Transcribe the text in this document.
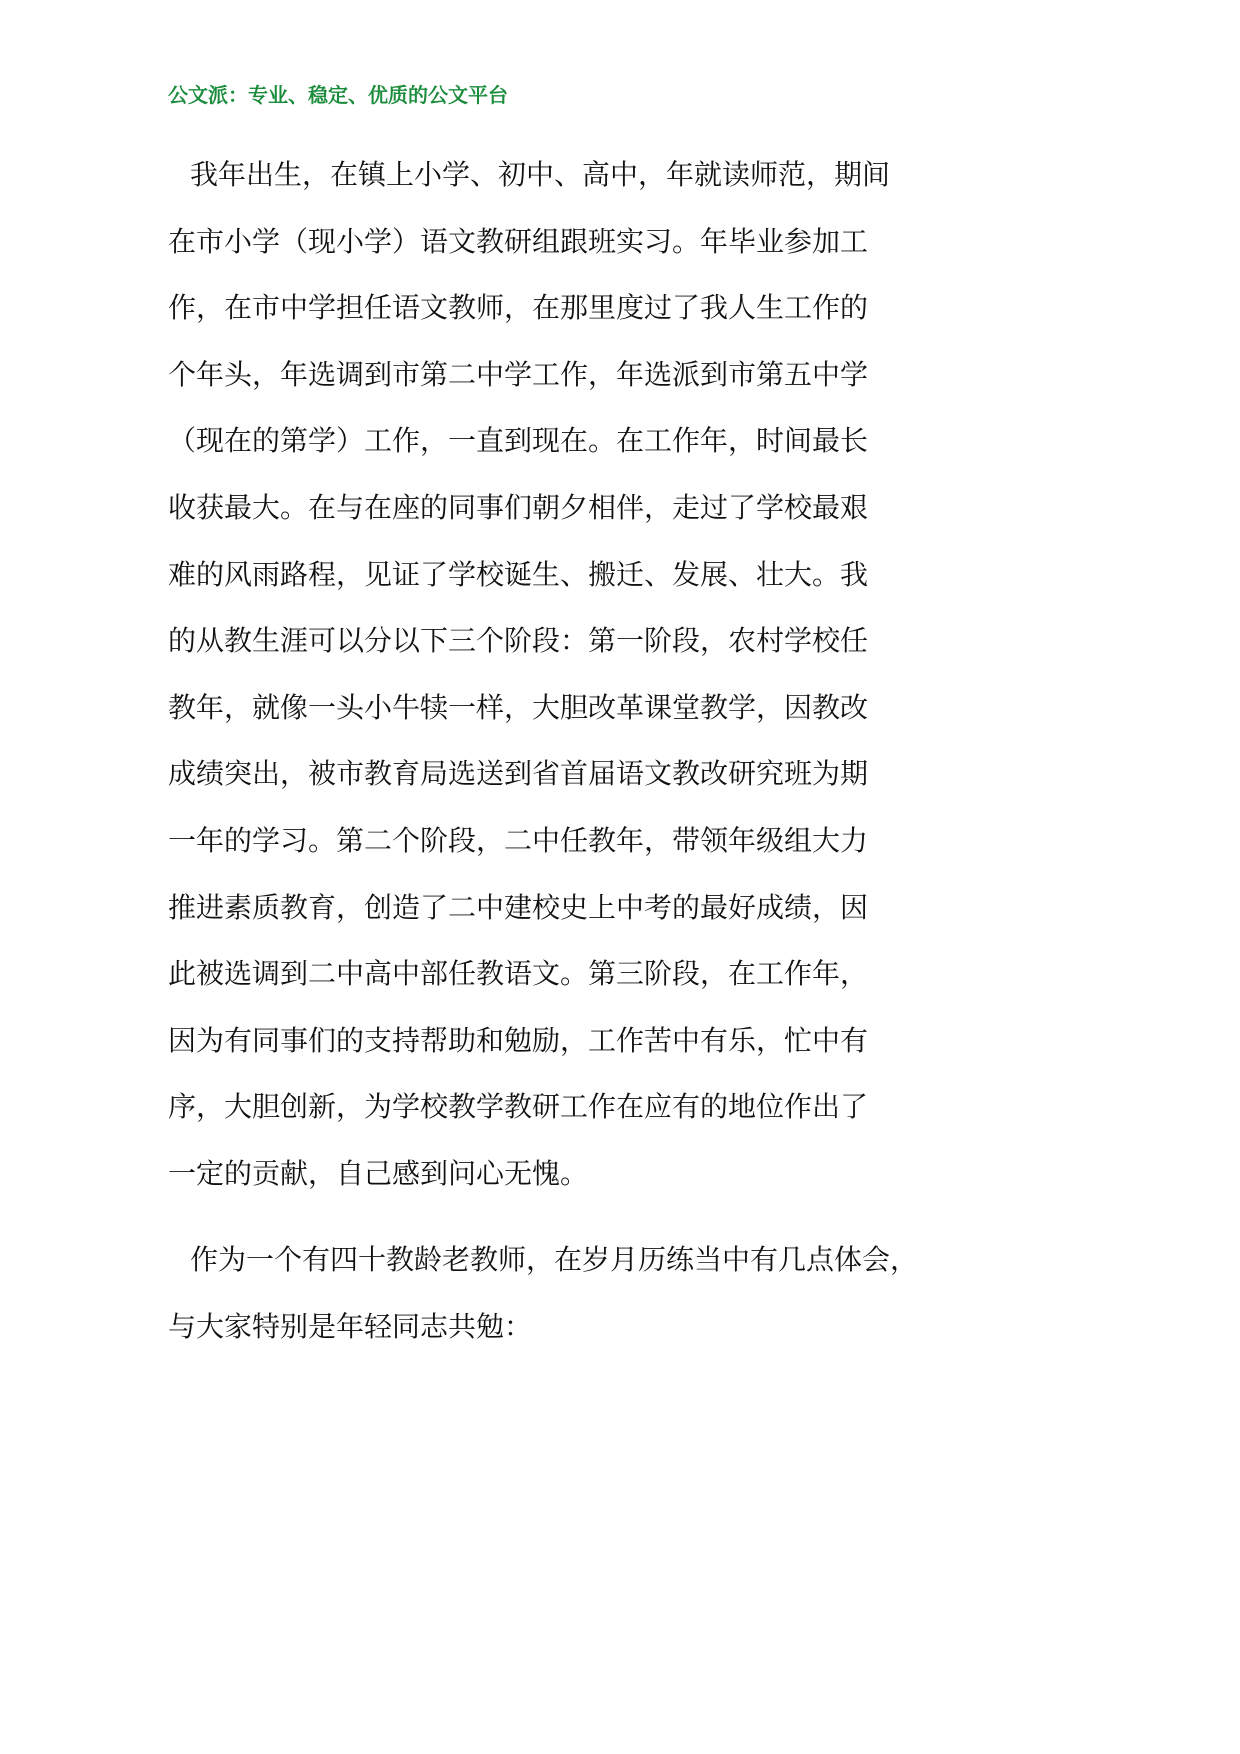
公文派：专业、稳定、优质的公文平台
我年出生，在镇上小学、初中、高中，年就读师范，期间
在市小学（现小学）语文教研组跟班实习。年毕业参加工
作，在市中学担任语文教师，在那里度过了我人生工作的
个年头，年选调到市第二中学工作，年选派到市第五中学
（现在的第学）工作，一直到现在。在工作年，时间最长
收获最大。在与在座的同事们朝夕相伴，走过了学校最艰
难的风雨路程，见证了学校诞生、搬迁、发展、壮大。我
的从教生涯可以分以下三个阶段：第一阶段，农村学校任
教年，就像一头小牛犊一样，大胆改革课堂教学，因教改
成绩突出，被市教育局选送到省首届语文教改研究班为期
一年的学习。第二个阶段，二中任教年，带领年级组大力
推进素质教育，创造了二中建校史上中考的最好成绩，因
此被选调到二中高中部任教语文。第三阶段，在工作年，
因为有同事们的支持帮助和勉励，工作苦中有乐，忙中有
序，大胆创新，为学校教学教研工作在应有的地位作出了
一定的贡献，自己感到问心无愧。
作为一个有四十教龄老教师，在岁月历练当中有几点体会，
与大家特别是年轻同志共勉：
